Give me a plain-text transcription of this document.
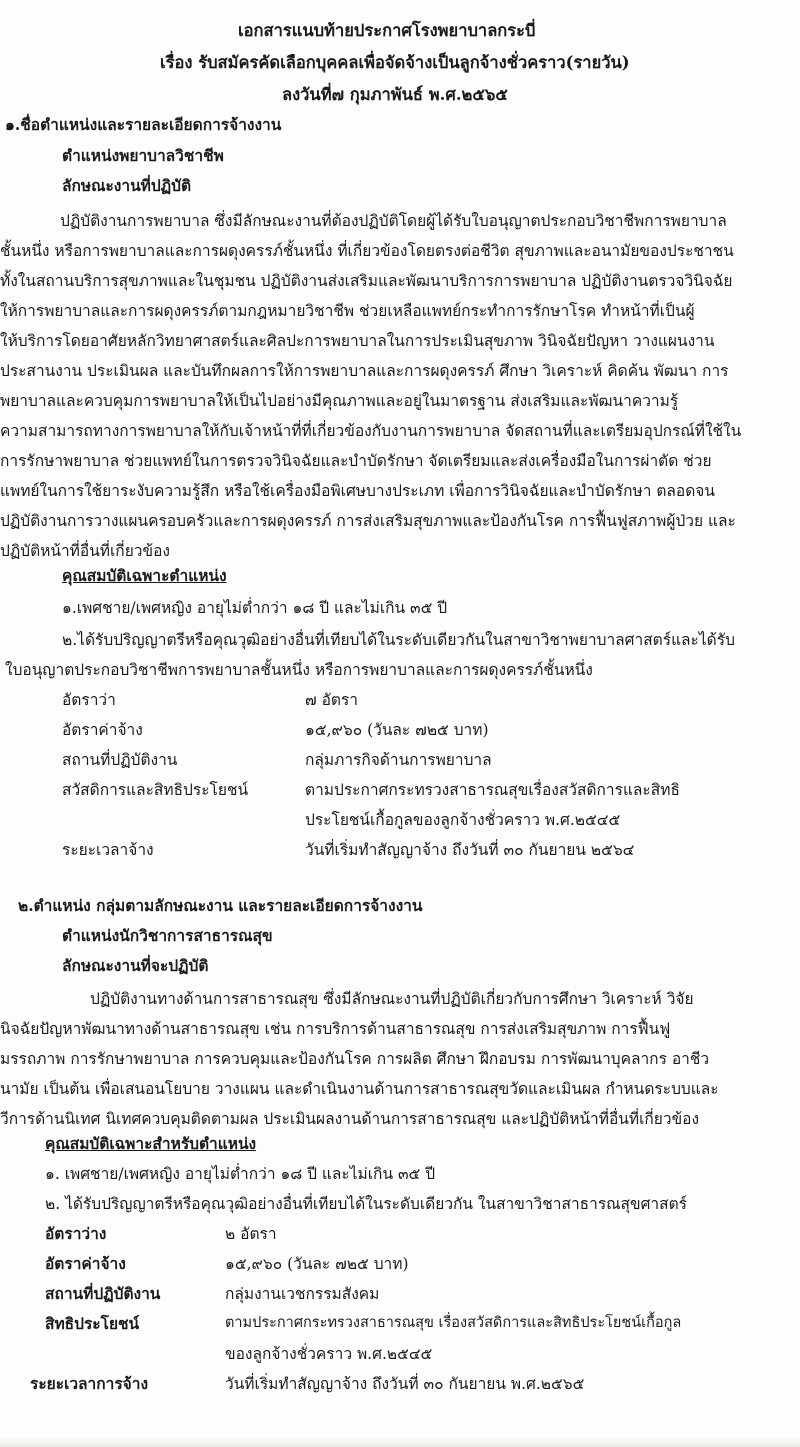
เอกสารแนบท้ายประกาศโรงพยาบาลกระบี่
เรื่อง รับสมัครคัดเลือกบุคคลเพื่อจัดจ้างเป็นลูกจ้างชั่วคราว(รายวัน)
ลงวันที่๗ กุมภาพันธ์ พ.ศ.๒๕๖๕
๑.ชื่อตำแหน่งและรายละเอียดการจ้างงาน
ตำแหน่งพยาบาลวิชาชีพ
ลักษณะงานที่ปฏิบัติ
ปฏิบัติงานการพยาบาล ซึ่งมีลักษณะงานที่ต้องปฏิบัติโดยผู้ได้รับใบอนุญาตประกอบวิชาชีพการพยาบาล
ชั้นหนึ่ง หรือการพยาบาลและการผดุงครรภ์ชั้นหนึ่ง ที่เกี่ยวข้องโดยตรงต่อชีวิต สุขภาพและอนามัยของประชาชน
ทั้งในสถานบริการสุขภาพและในชุมชน ปฏิบัติงานส่งเสริมและพัฒนาบริการการพยาบาล ปฏิบัติงานตรวจวินิจฉัย
ให้การพยาบาลและการผดุงครรภ์ตามกฎหมายวิชาชีพ ช่วยเหลือแพทย์กระทำการรักษาโรค ทำหน้าที่เป็นผู้
ให้บริการโดยอาศัยหลักวิทยาศาสตร์และศิลปะการพยาบาลในการประเมินสุขภาพ วินิจฉัยปัญหา วางแผนงาน
ประสานงาน ประเมินผล และบันทึกผลการให้การพยาบาลและการผดุงครรภ์ ศึกษา วิเคราะห์ คิดค้น พัฒนา การ
พยาบาลและควบคุมการพยาบาลให้เป็นไปอย่างมีคุณภาพและอยู่ในมาตรฐาน ส่งเสริมและพัฒนาความรู้
ความสามารถทางการพยาบาลให้กับเจ้าหน้าที่ที่เกี่ยวข้องกับงานการพยาบาล จัดสถานที่และเตรียมอุปกรณ์ที่ใช้ใน
การรักษาพยาบาล ช่วยแพทย์ในการตรวจวินิจฉัยและบำบัดรักษา จัดเตรียมและส่งเครื่องมือในการผ่าตัด ช่วย
แพทย์ในการใช้ยาระงับความรู้สึก หรือใช้เครื่องมือพิเศษบางประเภท เพื่อการวินิจฉัยและบำบัดรักษา ตลอดจน
ปฏิบัติงานการวางแผนครอบครัวและการผดุงครรภ์ การส่งเสริมสุขภาพและป้องกันโรค การฟื้นฟูสภาพผู้ป่วย และ
ปฏิบัติหน้าที่อื่นที่เกี่ยวข้อง
คุณสมบัติเฉพาะตำแหน่ง
๑.เพศชาย/เพศหญิง อายุไม่ต่ำกว่า ๑๘ ปี และไม่เกิน ๓๕ ปี
๒.ได้รับปริญญาตรีหรือคุณวุฒิอย่างอื่นที่เทียบได้ในระดับเดียวกันในสาขาวิชาพยาบาลศาสตร์และได้รับ
ใบอนุญาตประกอบวิชาชีพการพยาบาลชั้นหนึ่ง หรือการพยาบาลและการผดุงครรภ์ชั้นหนึ่ง
อัตราว่า	๗ อัตรา
อัตราค่าจ้าง	๑๕,๙๖๐ (วันละ ๗๒๕ บาท)
สถานที่ปฏิบัติงาน	กลุ่มภารกิจด้านการพยาบาล
สวัสดิการและสิทธิประโยชน์	ตามประกาศกระทรวงสาธารณสุขเรื่องสวัสดิการและสิทธิ
ประโยชน์เกื้อกูลของลูกจ้างชั่วคราว พ.ศ.๒๕๔๕
ระยะเวลาจ้าง	วันที่เริ่มทำสัญญาจ้าง ถึงวันที่ ๓๐ กันยายน ๒๕๖๔
๒.ตำแหน่ง กลุ่มตามลักษณะงาน และรายละเอียดการจ้างงาน
ตำแหน่งนักวิชาการสาธารณสุข
ลักษณะงานที่จะปฏิบัติ
ปฏิบัติงานทางด้านการสาธารณสุข ซึ่งมีลักษณะงานที่ปฏิบัติเกี่ยวกับการศึกษา วิเคราะห์ วิจัย
นิจฉัยปัญหาพัฒนาทางด้านสาธารณสุข เช่น การบริการด้านสาธารณสุข การส่งเสริมสุขภาพ การฟื้นฟู
มรรถภาพ การรักษาพยาบาล การควบคุมและป้องกันโรค การผลิต ศึกษา ฝึกอบรม การพัฒนาบุคลากร อาชีว
นามัย เป็นต้น เพื่อเสนอนโยบาย วางแผน และดำเนินงานด้านการสาธารณสุขวัดและเมินผล กำหนดระบบและ
วีการด้านนิเทศ นิเทศควบคุมติดตามผล ประเมินผลงานด้านการสาธารณสุข และปฏิบัติหน้าที่อื่นที่เกี่ยวข้อง
คุณสมบัติเฉพาะสำหรับตำแหน่ง
๑. เพศชาย/เพศหญิง อายุไม่ต่ำกว่า ๑๘ ปี และไม่เกิน ๓๕ ปี
๒. ได้รับปริญญาตรีหรือคุณวุฒิอย่างอื่นที่เทียบได้ในระดับเดียวกัน ในสาขาวิชาสาธารณสุขศาสตร์
อัตราว่าง	๒ อัตรา
อัตราค่าจ้าง	๑๕,๙๖๐ (วันละ ๗๒๕ บาท)
สถานที่ปฏิบัติงาน	กลุ่มงานเวชกรรมสังคม
สิทธิประโยชน์	ตามประกาศกระทรวงสาธารณสุข เรื่องสวัสดิการและสิทธิประโยชน์เกื้อกูล
ของลูกจ้างชั่วคราว พ.ศ.๒๕๔๕
ระยะเวลาการจ้าง	วันที่เริ่มทำสัญญาจ้าง ถึงวันที่ ๓๐ กันยายน พ.ศ.๒๕๖๕
